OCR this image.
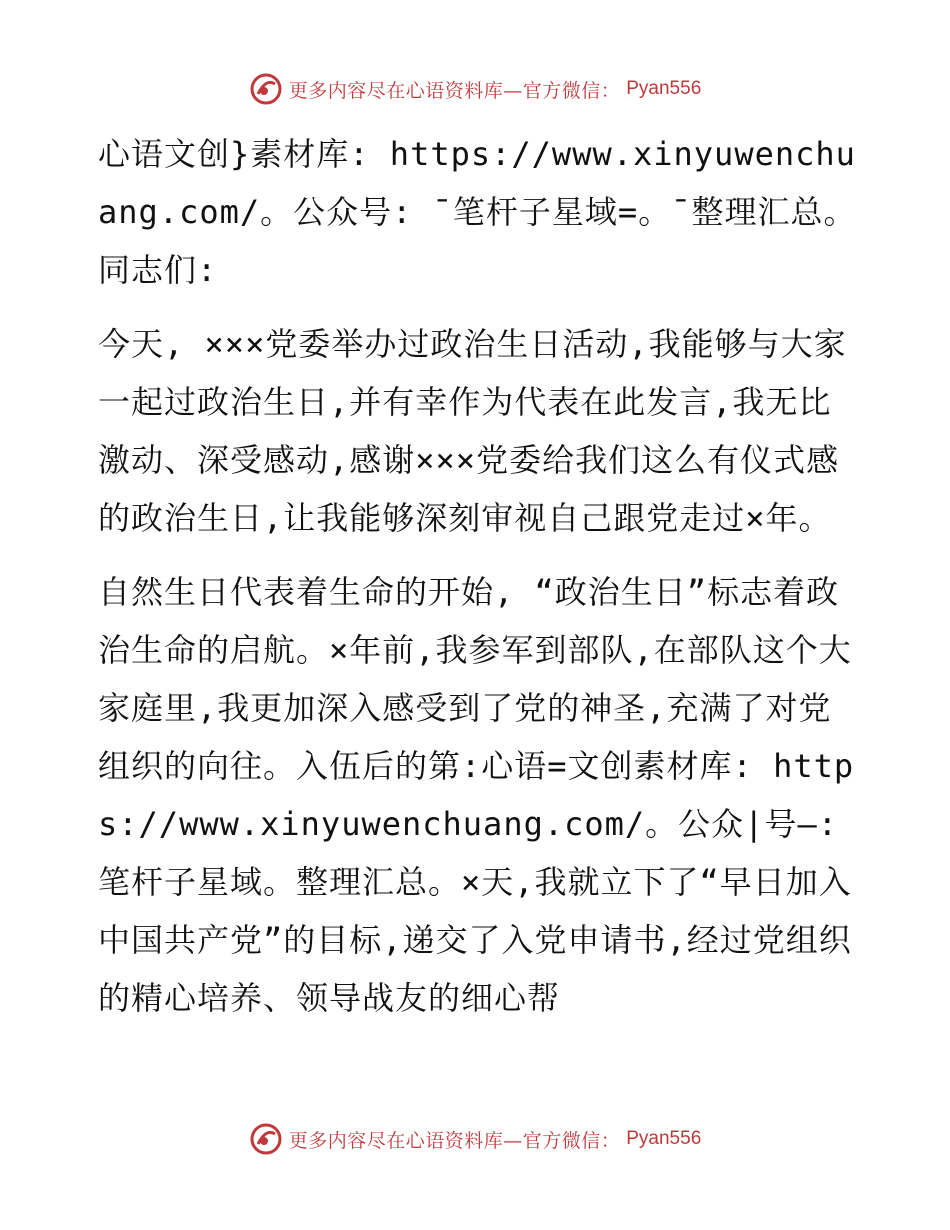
更多内容尽在心语资料库—官方微信： Pyan556

心语文创}素材库: https://www.xinyuwenchuang.com/。公众号: ¯笔杆子星域=。¯整理汇总。同志们:

今天, ×××党委举办过政治生日活动,我能够与大家一起过政治生日,并有幸作为代表在此发言,我无比激动、深受感动,感谢×××党委给我们这么有仪式感的政治生日,让我能够深刻审视自己跟党走过×年。

自然生日代表着生命的开始, “政治生日”标志着政治生命的启航。×年前,我参军到部队,在部队这个大家庭里,我更加深入感受到了党的神圣,充满了对党组织的向往。入伍后的第:心语=文创素材库: https://www.xinyuwenchuang.com/。公众|号—: 笔杆子星域。整理汇总。×天,我就立下了“早日加入中国共产党”的目标,递交了入党申请书,经过党组织的精心培养、领导战友的细心帮

更多内容尽在心语资料库—官方微信： Pyan556
